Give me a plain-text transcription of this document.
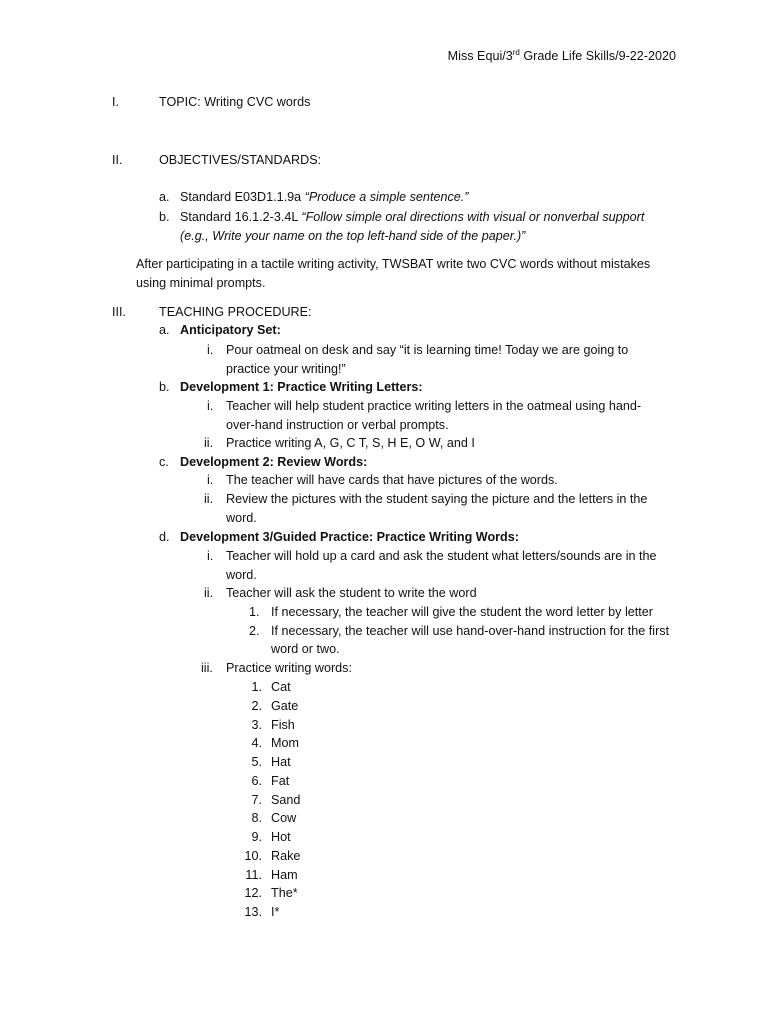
Miss Equi/3rd Grade Life Skills/9-22-2020
I.	TOPIC: Writing CVC words
II.	OBJECTIVES/STANDARDS:
a. Standard E03D1.1.9a “Produce a simple sentence.”
b. Standard 16.1.2-3.4L “Follow simple oral directions with visual or nonverbal support
(e.g., Write your name on the top left-hand side of the paper.)”
After participating in a tactile writing activity, TWSBAT write two CVC words without mistakes
using minimal prompts.
III.	TEACHING PROCEDURE:
a. Anticipatory Set:
i. Pour oatmeal on desk and say “it is learning time! Today we are going to
practice your writing!”
b. Development 1: Practice Writing Letters:
i. Teacher will help student practice writing letters in the oatmeal using hand-
over-hand instruction or verbal prompts.
ii. Practice writing A, G, C T, S, H E, O W, and I
c. Development 2: Review Words:
i. The teacher will have cards that have pictures of the words.
ii. Review the pictures with the student saying the picture and the letters in the
word.
d. Development 3/Guided Practice: Practice Writing Words:
i. Teacher will hold up a card and ask the student what letters/sounds are in the
word.
ii. Teacher will ask the student to write the word
1. If necessary, the teacher will give the student the word letter by letter
2. If necessary, the teacher will use hand-over-hand instruction for the first
word or two.
iii. Practice writing words:
1. Cat
2. Gate
3. Fish
4. Mom
5. Hat
6. Fat
7. Sand
8. Cow
9. Hot
10. Rake
11. Ham
12. The*
13. I*
